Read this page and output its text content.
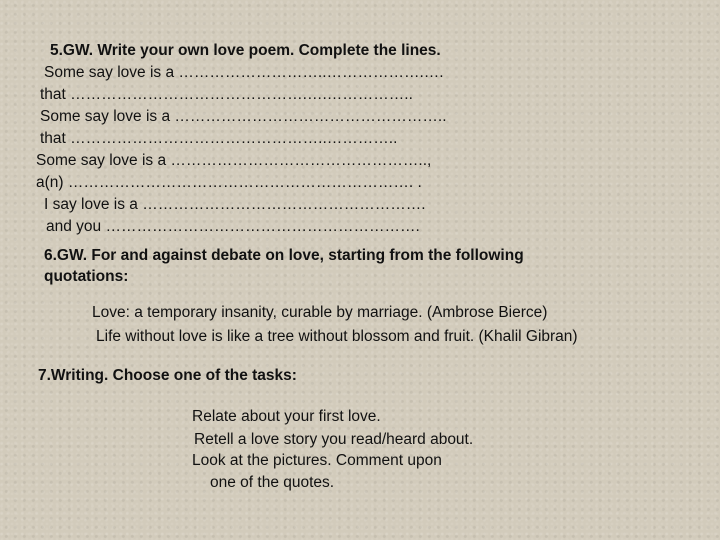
5.GW. Write your own love poem. Complete the lines.
Some say love is a ………………………..……………….….
that ……………………………………….….……………..
Some say love is a ……………………………………………..
that …………………………………………..…………..
Some say love is a …………………………………………..,
a(n) …………………………………………………………. .
I say love is a ……………………………………………….
and you …………………………………………………….
6.GW. For and against debate on love, starting from the following
quotations:
Love: a temporary insanity, curable by marriage. (Ambrose Bierce)
Life without love is like a tree without blossom and fruit. (Khalil Gibran)
7.Writing. Choose one of the tasks:
Relate about your first love.
Retell a love story you read/heard about.
Look at the pictures. Comment upon
one of the quotes.
